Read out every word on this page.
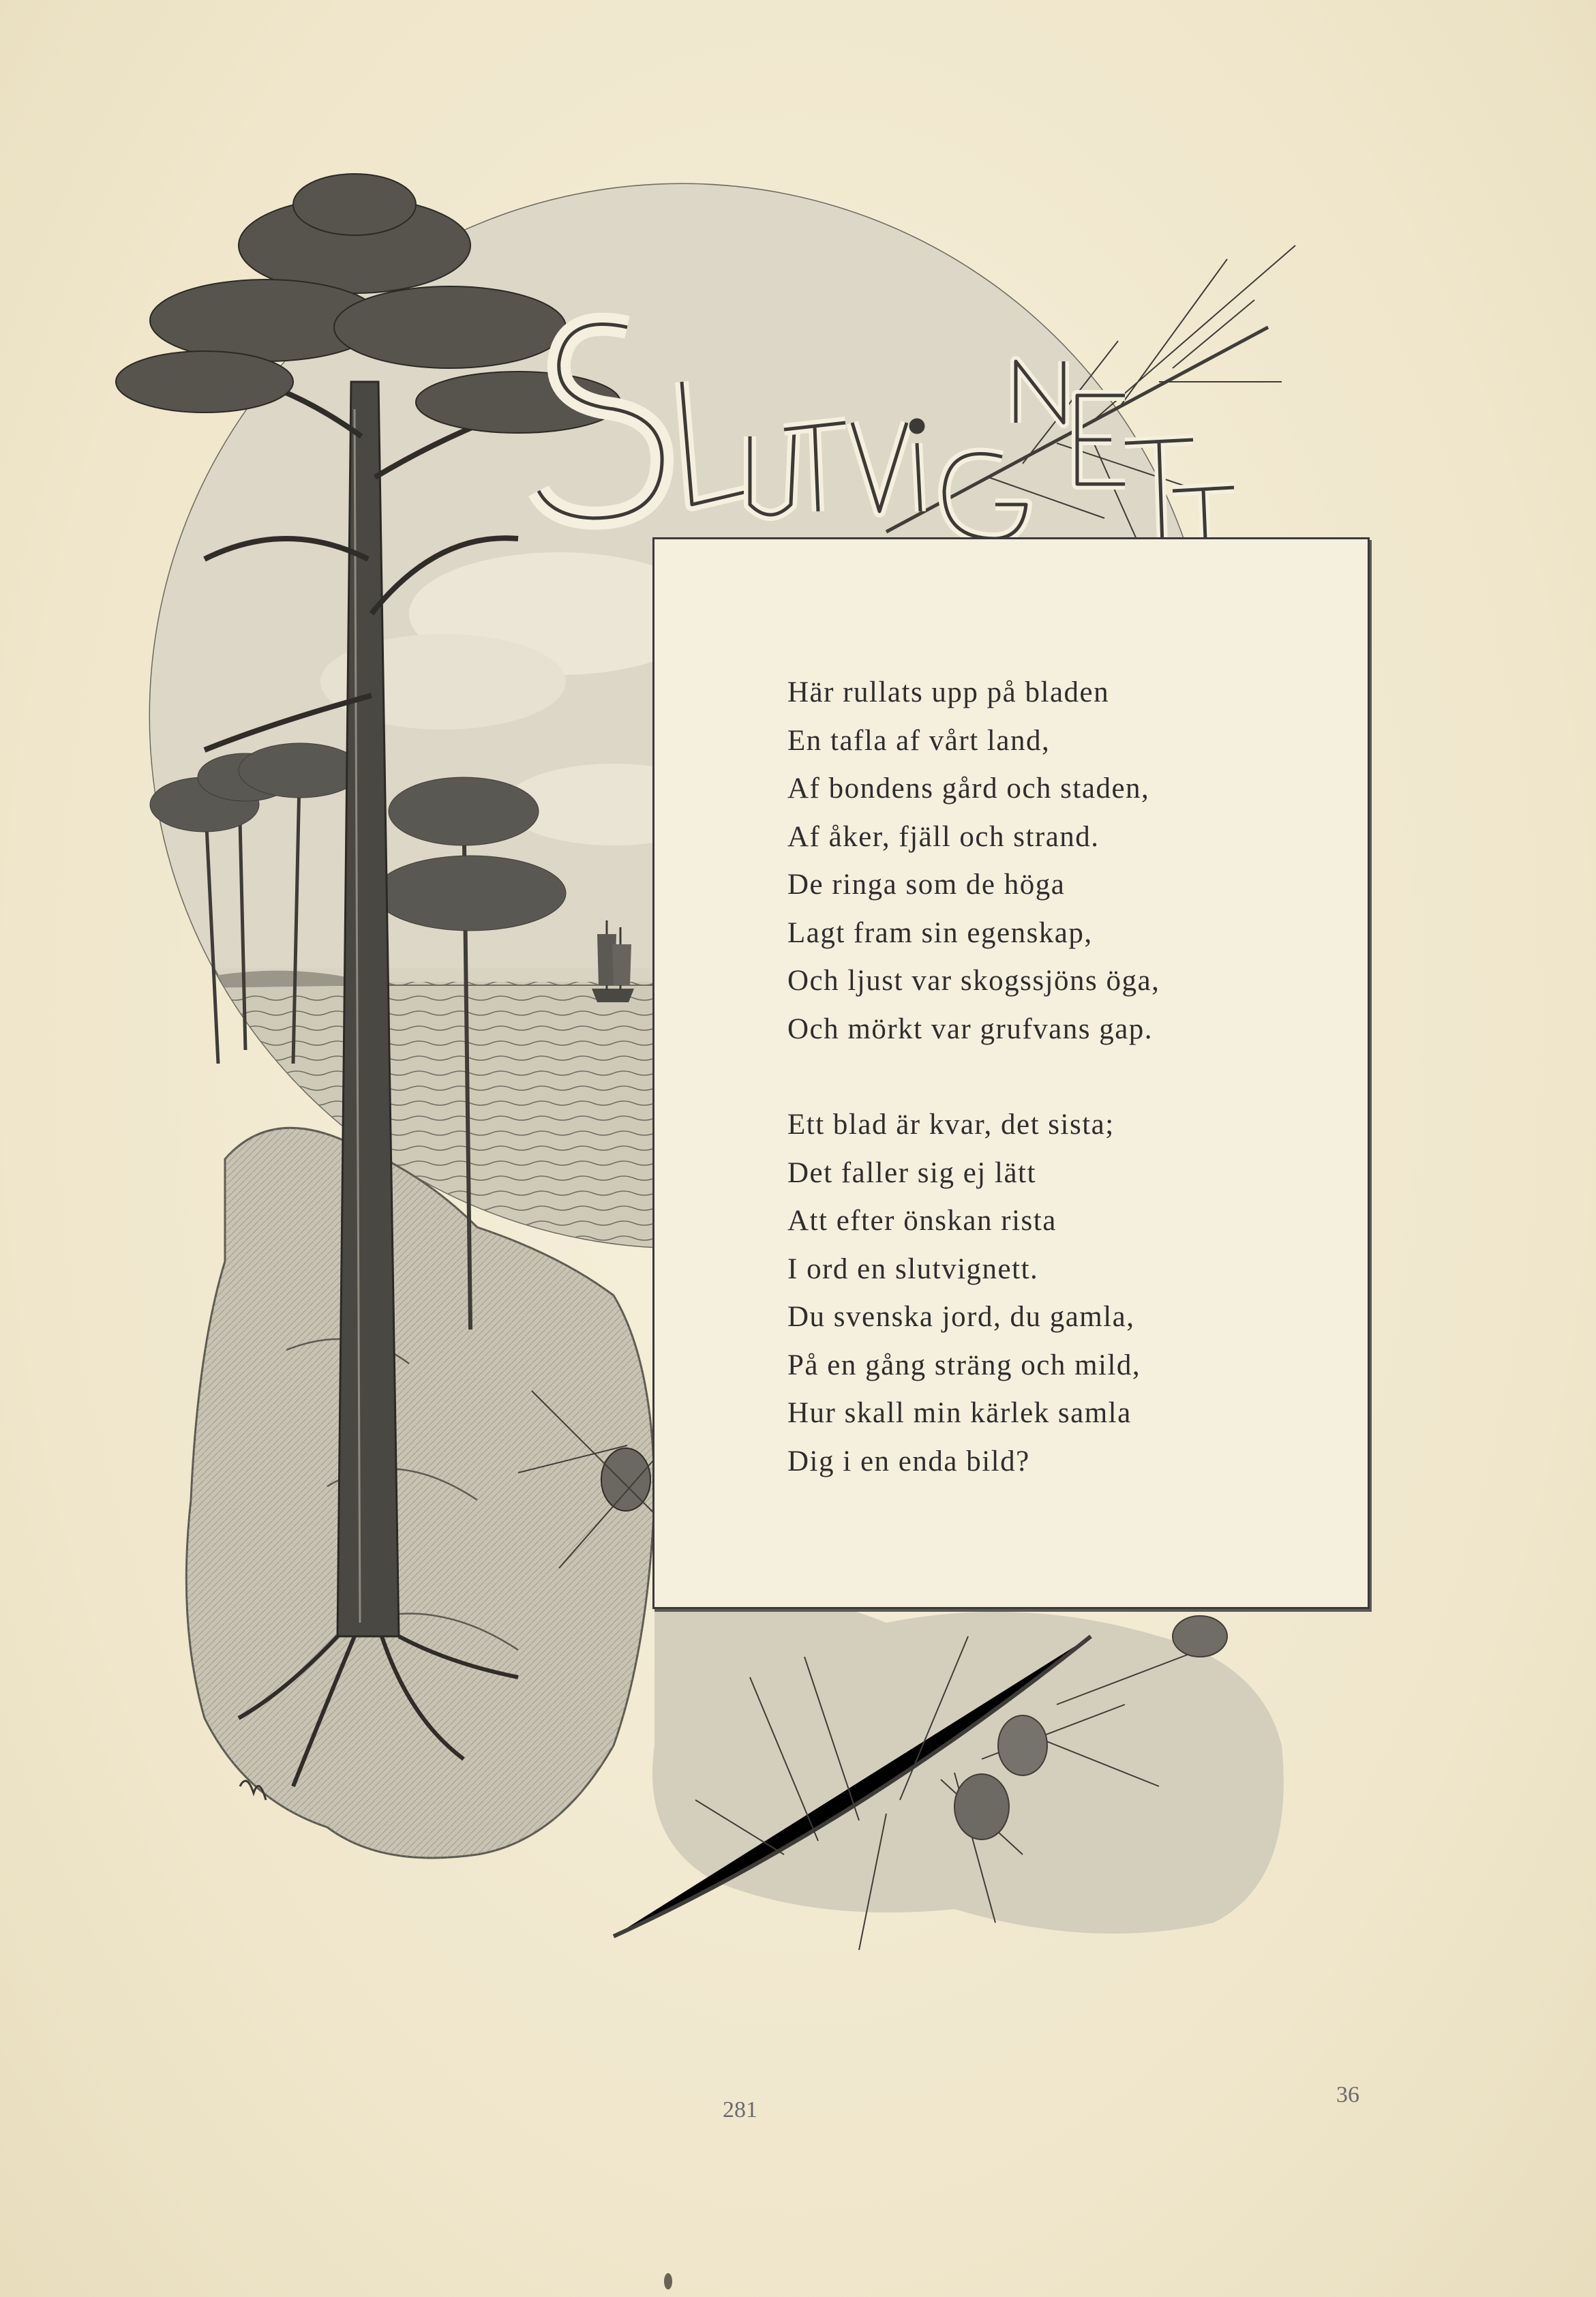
Här rullats upp på bladen
En tafla af vårt land,
Af bondens gård och staden,
Af åker, fjäll och strand.
De ringa som de höga
Lagt fram sin egenskap,
Och ljust var skogssjöns öga,
Och mörkt var grufvans gap.
Ett blad är kvar, det sista;
Det faller sig ej lätt
Att efter önskan rista
I ord en slutvignett.
Du svenska jord, du gamla,
På en gång sträng och mild,
Hur skall min kärlek samla
Dig i en enda bild?
281
36
